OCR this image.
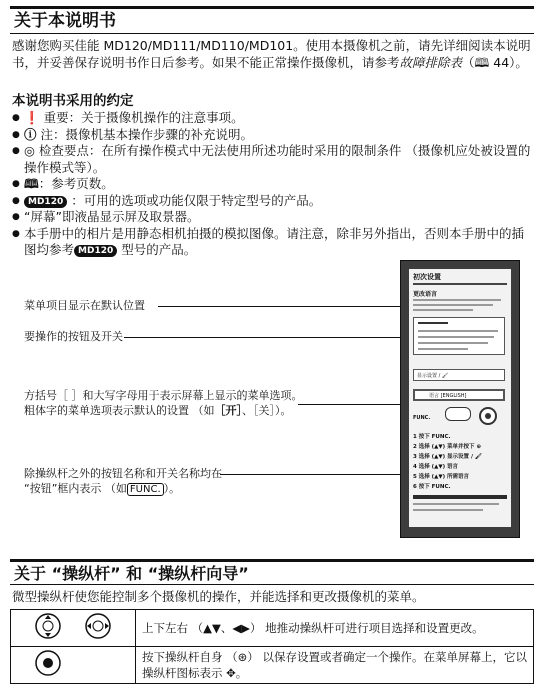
关于本说明书

感谢您购买佳能 MD120/MD111/MD110/MD101。使用本摄像机之前，请先详细阅读本说明书，并妥善保存说明书作日后参考。如果不能正常操作摄像机，请参考故障排除表（🕮 44）。

本说明书采用的约定
● ❗ 重要：关于摄像机操作的注意事项。
● ⓘ 注：摄像机基本操作步骤的补充说明。
● ◎ 检查要点：在所有操作模式中无法使用所述功能时采用的限制条件 （摄像机应处被设置的操作模式等）。
● 🕮：参考页数。
● MD120 ：可用的选项或功能仅限于特定型号的产品。
● “屏幕”即液晶显示屏及取景器。
● 本手册中的相片是用静态相机拍摄的模拟图像。请注意，除非另外指出，否则本手册中的插图均参考 MD120 型号的产品。

菜单项目显示在默认位置

要操作的按钮及开关

方括号［ ］和大写字母用于表示屏幕上显示的菜单选项。
粗体字的菜单选项表示默认的设置 （如［开］、［关］）。

除操纵杆之外的按钮名称和开关名称均在
“按钮”框内表示 （如 FUNC. ）。

初次设置
更改语言
显示设置 / 🖌
语言 [ENGLISH]
FUNC.
1 按下 FUNC.
2 选择 (▲▼) 菜单并按下 ⊕
3 选择 (▲▼) 显示设置 / 🖌
4 选择 (▲▼) 语言
5 选择 (▲▼) 所需语言
6 按下 FUNC.
关于 “操纵杆” 和 “操纵杆向导”

微型操纵杆使您能控制多个摄像机的操作，并能选择和更改摄像机的菜单。

	上下左右 （▲▼、◀▶） 地推动操纵杆可进行项目选择和设置更改。
	按下操纵杆自身 （⊛） 以保存设置或者确定一个操作。在菜单屏幕上，它以操纵杆图标表示 ✥。
